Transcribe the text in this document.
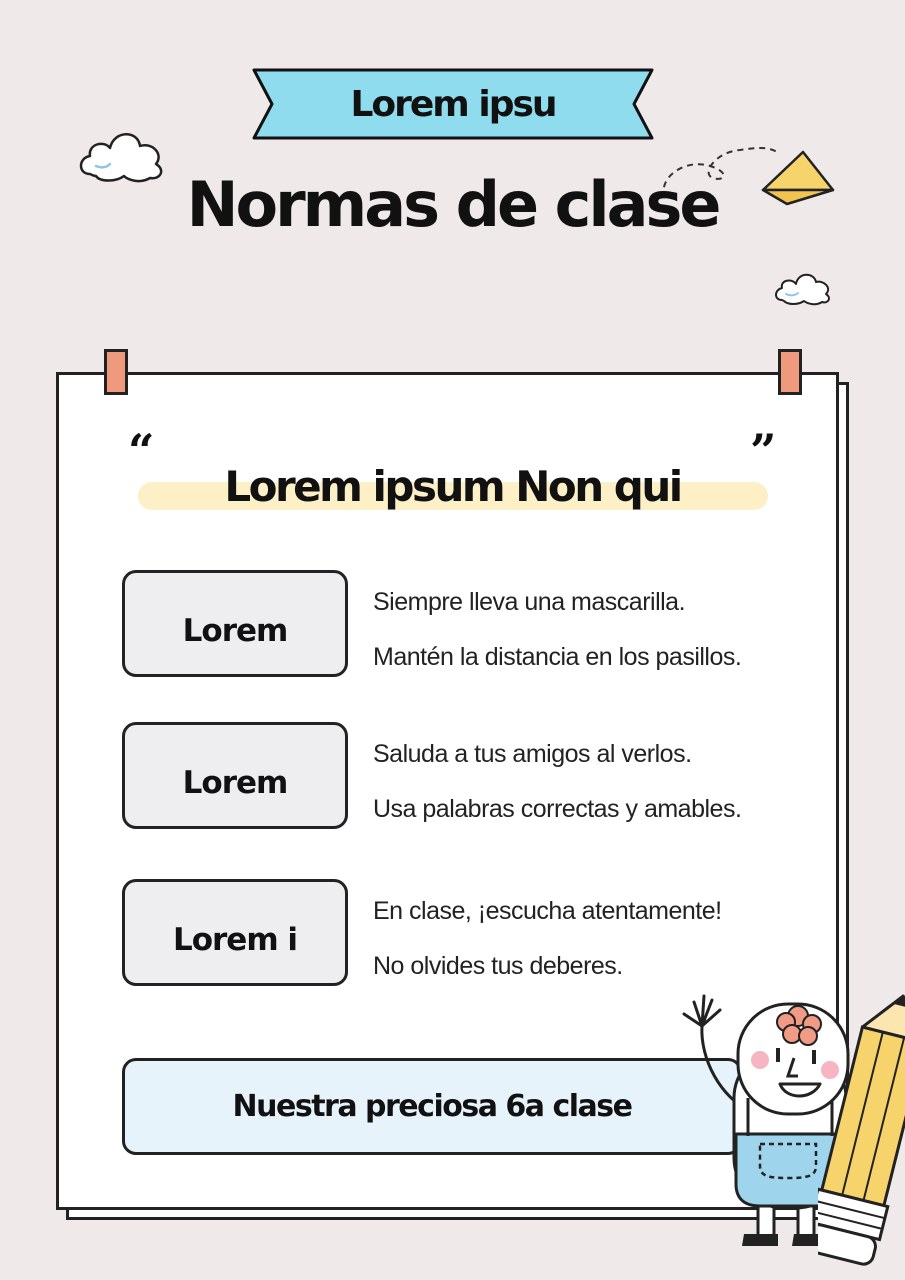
Lorem ipsu
Normas de clase
“	”
Lorem ipsum Non qui
Lorem
Siempre lleva una mascarilla.
Mantén la distancia en los pasillos.
Lorem
Saluda a tus amigos al verlos.
Usa palabras correctas y amables.
Lorem i
En clase, ¡escucha atentamente!
No olvides tus deberes.
Nuestra preciosa 6a clase
